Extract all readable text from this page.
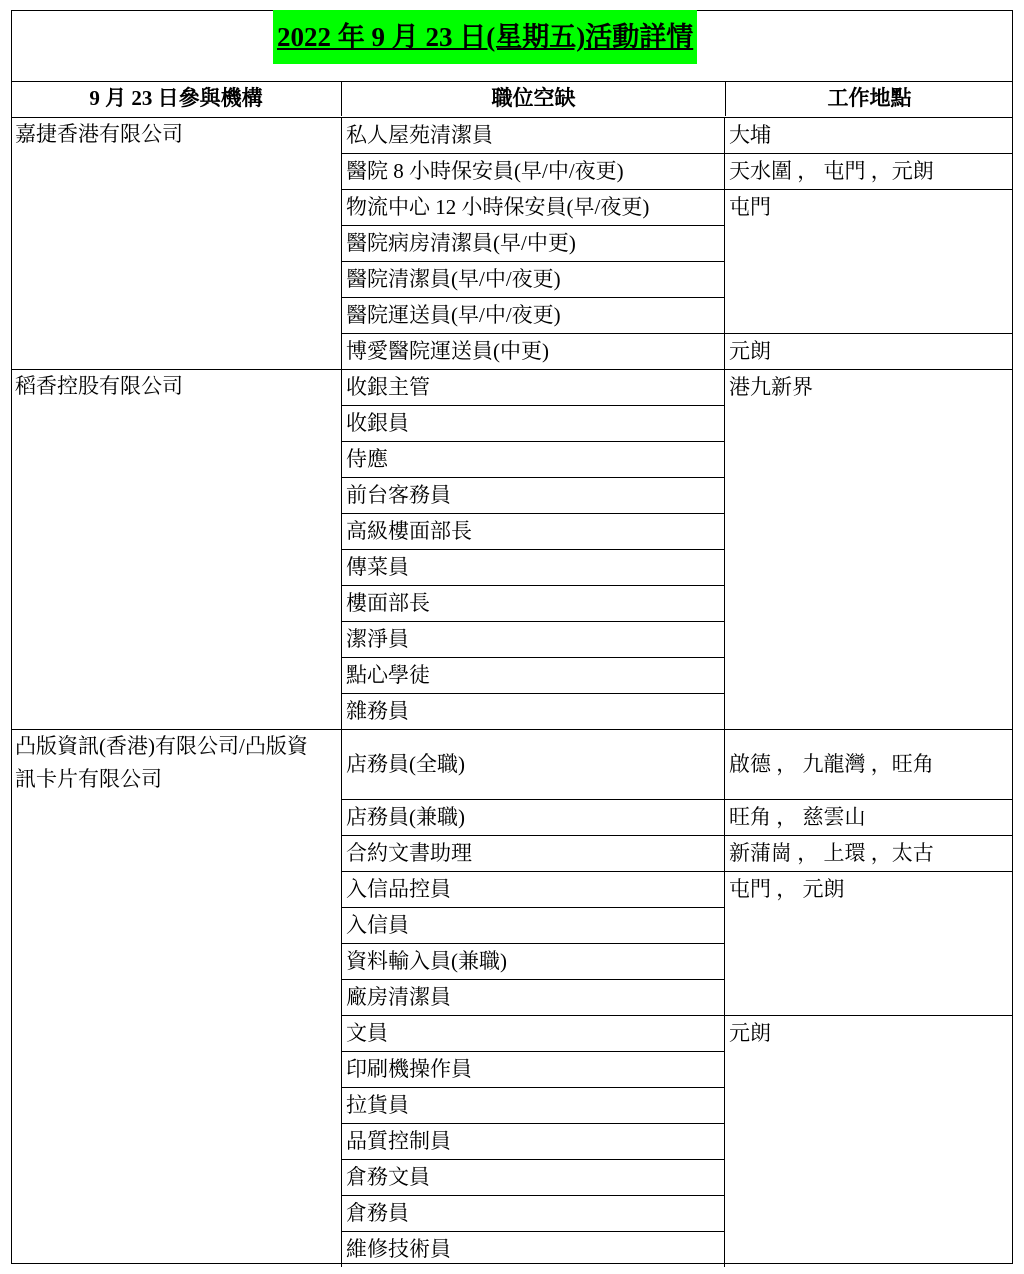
2022 年 9 月 23 日(星期五)活動詳情
9 月 23 日參與機構	職位空缺	工作地點
嘉捷香港有限公司
稻香控股有限公司
凸版資訊(香港)有限公司/凸版資訊卡片有限公司
私人屋苑清潔員
醫院 8 小時保安員(早/中/夜更)
物流中心 12 小時保安員(早/夜更)
醫院病房清潔員(早/中更)
醫院清潔員(早/中/夜更)
醫院運送員(早/中/夜更)
博愛醫院運送員(中更)
收銀主管
收銀員
侍應
前台客務員
高級樓面部長
傳菜員
樓面部長
潔淨員
點心學徒
雜務員
店務員(全職)
店務員(兼職)
合約文書助理
入信品控員
入信員
資料輸入員(兼職)
廠房清潔員
文員
印刷機操作員
拉貨員
品質控制員
倉務文員
倉務員
維修技術員
大埔
天水圍 ， 屯門 ，元朗
屯門
元朗
港九新界
啟德 ， 九龍灣 ，旺角
旺角 ， 慈雲山
新蒲崗 ， 上環 ，太古
屯門 ， 元朗
元朗
